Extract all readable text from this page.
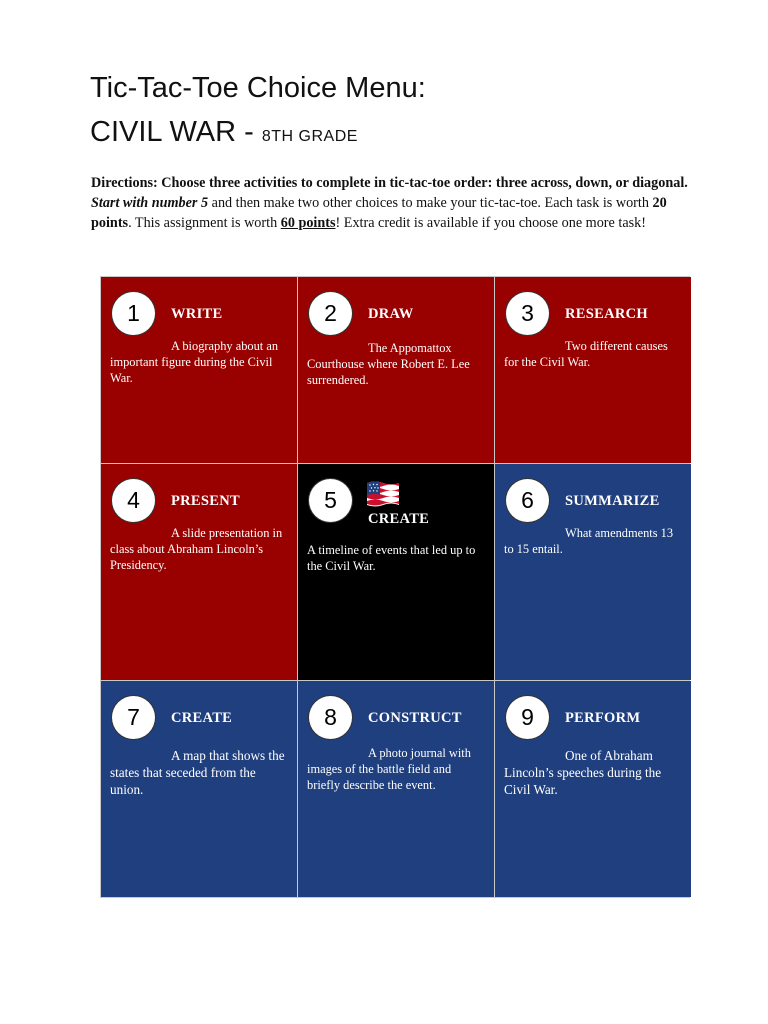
Tic-Tac-Toe Choice Menu:
CIVIL WAR - 8TH GRADE
Directions: Choose three activities to complete in tic-tac-toe order: three across, down, or diagonal. Start with number 5 and then make two other choices to make your tic-tac-toe. Each task is worth 20 points. This assignment is worth 60 points! Extra credit is available if you choose one more task!
1	WRITE
A biography about an important figure during the Civil War.
2	DRAW
The Appomattox Courthouse where Robert E. Lee surrendered.
3	RESEARCH
Two different causes for the Civil War.
4	PRESENT
A slide presentation in class about Abraham Lincoln’s Presidency.
5
CREATE
A timeline of events that led up to the Civil War.
6	SUMMARIZE
What amendments 13 to 15 entail.
7	CREATE
A map that shows the states that seceded from the union.
8	CONSTRUCT
A photo journal with images of the battle field and briefly describe the event.
9	PERFORM
One of Abraham Lincoln’s speeches during the Civil War.
